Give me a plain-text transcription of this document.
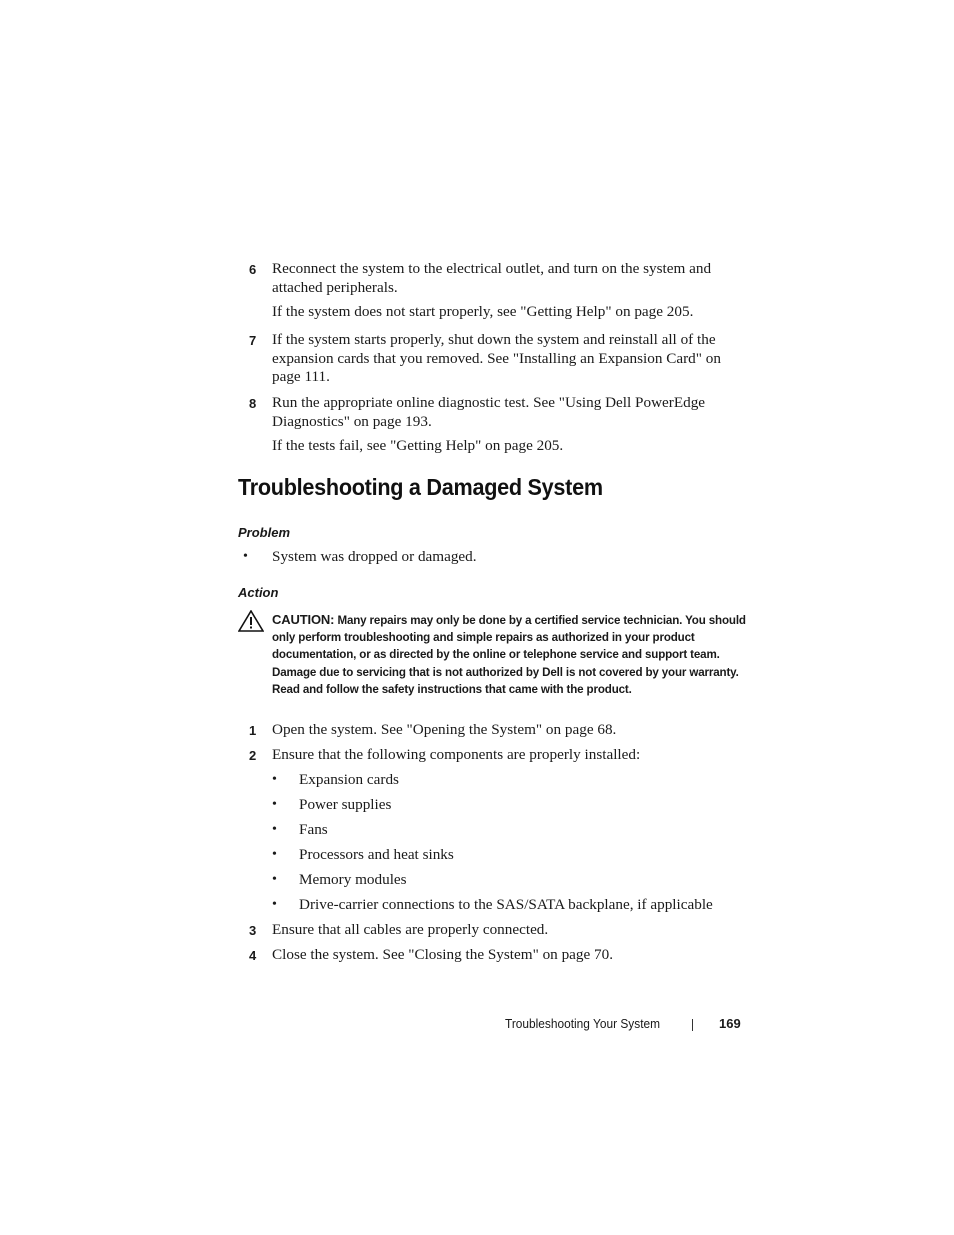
6 Reconnect the system to the electrical outlet, and turn on the system and attached peripherals.
If the system does not start properly, see "Getting Help" on page 205.
7 If the system starts properly, shut down the system and reinstall all of the expansion cards that you removed. See "Installing an Expansion Card" on page 111.
8 Run the appropriate online diagnostic test. See "Using Dell PowerEdge Diagnostics" on page 193.
If the tests fail, see "Getting Help" on page 205.
Troubleshooting a Damaged System
Problem
• System was dropped or damaged.
Action
CAUTION: Many repairs may only be done by a certified service technician. You should only perform troubleshooting and simple repairs as authorized in your product documentation, or as directed by the online or telephone service and support team. Damage due to servicing that is not authorized by Dell is not covered by your warranty. Read and follow the safety instructions that came with the product.
1 Open the system. See "Opening the System" on page 68.
2 Ensure that the following components are properly installed:
• Expansion cards
• Power supplies
• Fans
• Processors and heat sinks
• Memory modules
• Drive-carrier connections to the SAS/SATA backplane, if applicable
3 Ensure that all cables are properly connected.
4 Close the system. See "Closing the System" on page 70.
Troubleshooting Your System	169
